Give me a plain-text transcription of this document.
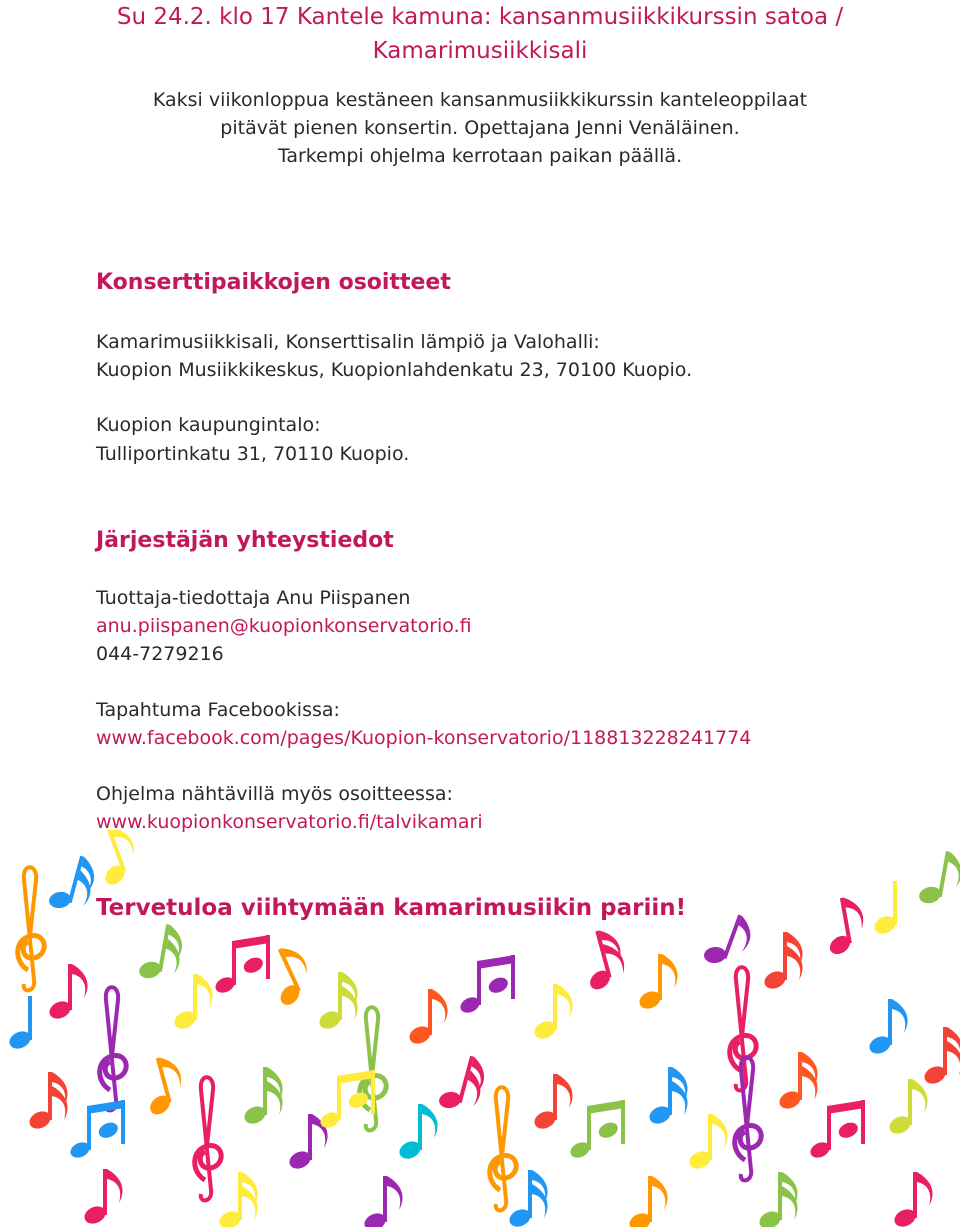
Su 24.2. klo 17 Kantele kamuna: kansanmusiikkikurssin satoa /
Kamarimusiikkisali

Kaksi viikonloppua kestäneen kansanmusiikkikurssin kanteleoppilaat
pitävät pienen konsertin. Opettajana Jenni Venäläinen.
Tarkempi ohjelma kerrotaan paikan päällä.

Konserttipaikkojen osoitteet

Kamarimusiikkisali, Konserttisalin lämpiö ja Valohalli:

Kuopion Musiikkikeskus, Kuopionlahdenkatu 23, 70100 Kuopio.

Kuopion kaupungintalo:

Tulliportinkatu 31, 70110 Kuopio.

Järjestäjän yhteystiedot

Tuottaja-tiedottaja Anu Piispanen

anu.piispanen@kuopionkonservatorio.fi

044-7279216

Tapahtuma Facebookissa:

www.facebook.com/pages/Kuopion-konservatorio/118813228241774

Ohjelma nähtävillä myös osoitteessa:

www.kuopionkonservatorio.fi/talvikamari

Tervetuloa viihtymään kamarimusiikin pariin!
